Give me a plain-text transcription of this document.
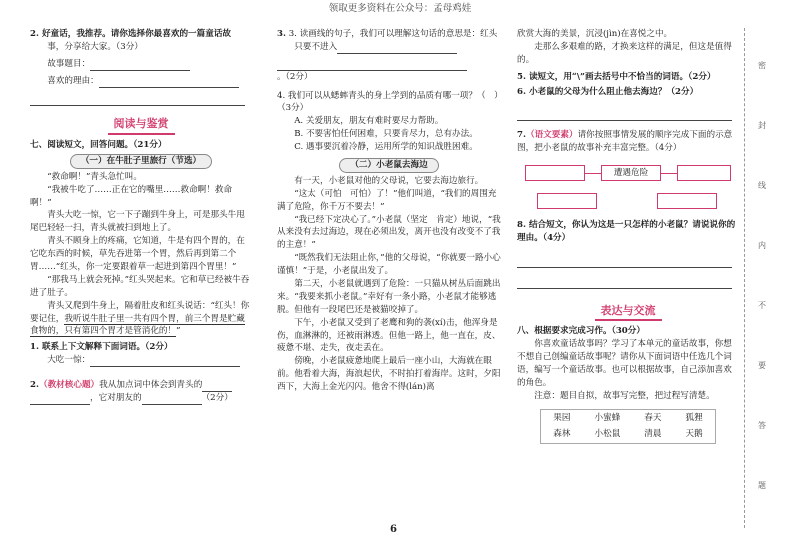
领取更多资料在公众号：孟母鸡娃

2. 好童话，我推荐。请你选择你最喜欢的一篇童话故

事，分享给大家。（3分）

故事题目：

喜欢的理由：

阅读与鉴赏

七、阅读短文，回答问题。（21分）

（一）在牛肚子里旅行（节选）

“救命啊！”青头急忙叫。

“我被牛吃了……正在它的嘴里……救命啊！救命啊！”

青头大吃一惊，它一下子蹦到牛身上，可是那头牛甩尾巴轻轻一扫，青头就被扫到地上了。

青头不顾身上的疼痛，它知道，牛是有四个胃的，在它吃东西的时候，草先吞进第一个胃，然后再到第二个胃……“红头，你一定要跟着草一起进到第四个胃里！”

“那我马上就会死掉。”红头哭起来。它和草已经被牛吞进了肚子。

青头又爬到牛身上，隔着肚皮和红头说话：“红头！你要记住，我听说牛肚子里一共有四个胃，前三个胃是贮藏食物的，只有第四个胃才是管消化的！”

1. 联系上下文解释下面词语。（2分）

大吃一惊：

2.（教材核心题）我从加点词中体会到青头的

，它对朋友的	（2分）

3. 3. 读画线的句子，我们可以理解这句话的意思是：红头

只要不进入

。（2分）

4. 我们可以从蟋蟀青头的身上学到的品质有哪一项？（　）（3分）

A. 关爱朋友，朋友有难时要尽力帮助。

B. 不要害怕任何困难，只要肯尽力，总有办法。

C. 遇事要沉着冷静，运用所学的知识战胜困难。

（二）小老鼠去海边

有一天，小老鼠对他的父母说，它要去海边旅行。

“这太（可怕　可怕）了！”他们叫道，“我们的周围充满了危险，你千万不要去！”

“我已经下定决心了。”小老鼠（坚定　肯定）地说，“我从来没有去过海边，现在必须出发，离开也没有改变不了我的主意！”

“既然我们无法阻止你，”他的父母说，“你就要一路小心谨慎！”于是，小老鼠出发了。

第二天，小老鼠就遇到了危险：一只猫从树丛后面跳出来。“我要来抓小老鼠。”幸好有一条小路，小老鼠才能够逃脱。但他有一段尾巴还是被猫咬掉了。

下午，小老鼠又受到了老鹰和狗的袭(xí)击，他浑身是伤，血淋淋的，还被雨淋透。但他一路上，他一直在，皮、疲惫不堪、走失，夜走丢在。

傍晚，小老鼠疲惫地爬上最后一座小山，大海就在眼前。他看着大海，海浪起伏，不时拍打着海岸。这时，夕阳西下，大海上金光闪闪。他舍不得(lán)离

欣赏大海的美景，沉浸(jìn)在喜悦之中。

走那么多艰难的路，才换来这样的满足，但这是值得的。

5. 读短文，用“\”画去括号中不恰当的词语。（2分）

6. 小老鼠的父母为什么阻止他去海边？（2分）

7.（语文要素）请你按照事情发展的顺序完成下面的示意图，把小老鼠的故事补充丰富完整。（4分）

遭遇危险

8. 结合短文，你认为这是一只怎样的小老鼠？请说说你的理由。（4分）

表达与交流

八、根据要求完成习作。（30分）

你喜欢童话故事吗？学习了本单元的童话故事，你想不想自己创编童话故事呢？请你从下面词语中任选几个词语，编写一个童话故事。也可以根据故事，自己添加喜欢的角色。

注意：题目自拟，故事写完整，把过程写清楚。

果园	小蜜蜂	春天	狐狸
森林	小松鼠	清晨	天鹅
密
封
线
内
不
要
答
题
6
